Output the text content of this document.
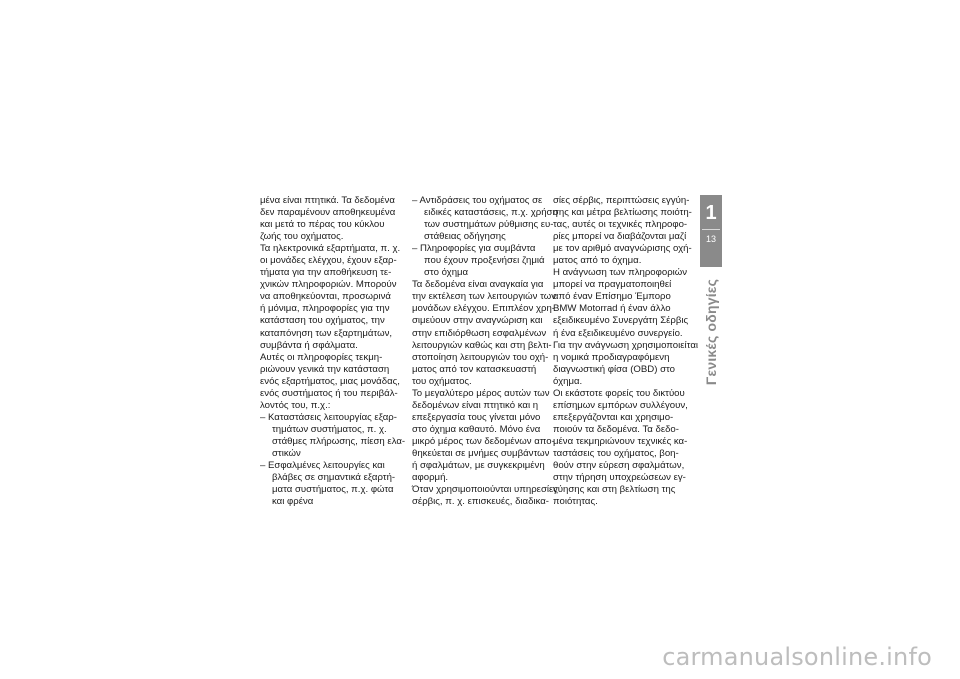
μένα είναι πτητικά. Τα δεδομένα
δεν παραμένουν αποθηκευμένα
και μετά το πέρας του κύκλου
ζωής του οχήματος.
Τα ηλεκτρονικά εξαρτήματα, π. χ.
οι μονάδες ελέγχου, έχουν εξαρ-
τήματα για την αποθήκευση τε-
χνικών πληροφοριών. Μπορούν
να αποθηκεύονται, προσωρινά
ή μόνιμα, πληροφορίες για την
κατάσταση του οχήματος, την
καταπόνηση των εξαρτημάτων,
συμβάντα ή σφάλματα.
Αυτές οι πληροφορίες τεκμη-
ριώνουν γενικά την κατάσταση
ενός εξαρτήματος, μιας μονάδας,
ενός συστήματος ή του περιβάλ-
λοντός του, π.χ.:
– Καταστάσεις λειτουργίας εξαρ-
τημάτων συστήματος, π. χ.
στάθμες πλήρωσης, πίεση ελα-
στικών
– Εσφαλμένες λειτουργίες και
βλάβες σε σημαντικά εξαρτή-
ματα συστήματος, π.χ. φώτα
και φρένα
– Αντιδράσεις του οχήματος σε
ειδικές καταστάσεις, π.χ. χρήση
των συστημάτων ρύθμισης ευ-
στάθειας οδήγησης
– Πληροφορίες για συμβάντα
που έχουν προξενήσει ζημιά
στο όχημα
Τα δεδομένα είναι αναγκαία για
την εκτέλεση των λειτουργιών των
μονάδων ελέγχου. Επιπλέον χρη-
σιμεύουν στην αναγνώριση και
στην επιδιόρθωση εσφαλμένων
λειτουργιών καθώς και στη βελτι-
στοποίηση λειτουργιών του οχή-
ματος από τον κατασκευαστή
του οχήματος.
Το μεγαλύτερο μέρος αυτών των
δεδομένων είναι πτητικό και η
επεξεργασία τους γίνεται μόνο
στο όχημα καθαυτό. Μόνο ένα
μικρό μέρος των δεδομένων απο-
θηκεύεται σε μνήμες συμβάντων
ή σφαλμάτων, με συγκεκριμένη
αφορμή.
Όταν χρησιμοποιούνται υπηρεσίες
σέρβις, π. χ. επισκευές, διαδικα-
σίες σέρβις, περιπτώσεις εγγύη-
σης και μέτρα βελτίωσης ποιότη-
τας, αυτές οι τεχνικές πληροφο-
ρίες μπορεί να διαβάζονται μαζί
με τον αριθμό αναγνώρισης οχή-
ματος από το όχημα.
Η ανάγνωση των πληροφοριών
μπορεί να πραγματοποιηθεί
από έναν Επίσημο Έμπορο
BMW Motorrad ή έναν άλλο
εξειδικευμένο Συνεργάτη Σέρβις
ή ένα εξειδικευμένο συνεργείο.
Για την ανάγνωση χρησιμοποιείται
η νομικά προδιαγραφόμενη
διαγνωστική φίσα (OBD) στο
όχημα.
Οι εκάστοτε φορείς του δικτύου
επίσημων εμπόρων συλλέγουν,
επεξεργάζονται και χρησιμο-
ποιούν τα δεδομένα. Τα δεδο-
μένα τεκμηριώνουν τεχνικές κα-
ταστάσεις του οχήματος, βοη-
θούν στην εύρεση σφαλμάτων,
στην τήρηση υποχρεώσεων εγ-
γύησης και στη βελτίωση της
ποιότητας.
1
13
Γενικές οδηγίες
carmanualsonline.info
